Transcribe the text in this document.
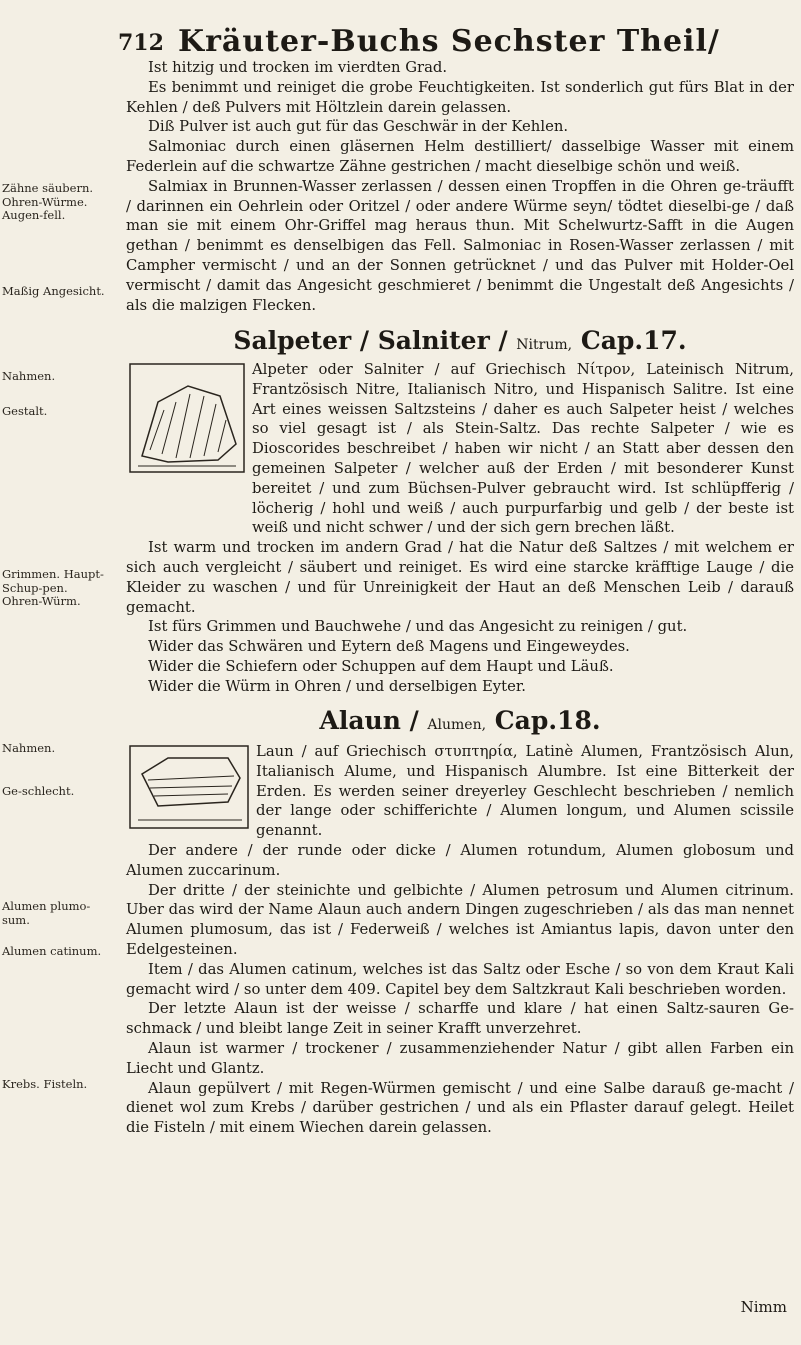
712 Kräuter-Buchs Sechster Theil/
Zähne säubern. Ohren-Würme. Augen-fell.
Maßig Angesicht.
Nahmen.
Gestalt.
Grimmen. Haupt-Schup-pen. Ohren-Würm.
Nahmen.
Ge-schlecht.
Alumen plumo-sum.
Alumen catinum.
Krebs. Fisteln.

Ist hitzig und trocken im vierdten Grad.

Es benimmt und reiniget die grobe Feuchtigkeiten. Ist sonderlich gut fürs Blat in der Kehlen / deß Pulvers mit Höltzlein darein gelassen.

Diß Pulver ist auch gut für das Geschwär in der Kehlen.

Salmoniac durch einen gläsernen Helm destilliert/ dasselbige Wasser mit einem Federlein auf die schwartze Zähne gestrichen / macht dieselbige schön und weiß.

Salmiax in Brunnen-Wasser zerlassen / dessen einen Tropffen in die Ohren ge-träufft / darinnen ein Oehrlein oder Oritzel / oder andere Würme seyn/ tödtet dieselbi-ge / daß man sie mit einem Ohr-Griffel mag heraus thun. Mit Schelwurtz-Safft in die Augen gethan / benimmt es denselbigen das Fell. Salmoniac in Rosen-Wasser zerlassen / mit Campher vermischt / und an der Sonnen getrücknet / und das Pulver mit Holder-Oel vermischt / damit das Angesicht geschmieret / benimmt die Ungestalt deß Angesichts / als die malzigen Flecken.

Salpeter / Salniter / Nitrum, Cap.17.

Alpeter oder Salniter / auf Griechisch Νίτρον, Lateinisch Nitrum, Frantzösisch Nitre, Italianisch Nitro, und Hispanisch Salitre. Ist eine Art eines weissen Saltzsteins / daher es auch Salpeter heist / welches so viel gesagt ist / als Stein-Saltz. Das rechte Salpeter / wie es Dioscorides beschreibet / haben wir nicht / an Statt aber dessen den gemeinen Salpeter / welcher auß der Erden / mit besonderer Kunst bereitet / und zum Büchsen-Pulver gebraucht wird. Ist schlüpfferig / löcherig / hohl und weiß / auch purpurfarbig und gelb / der beste ist weiß und nicht schwer / und der sich gern brechen läßt.

Ist warm und trocken im andern Grad / hat die Natur deß Saltzes / mit welchem er sich auch vergleicht / säubert und reiniget. Es wird eine starcke kräfftige Lauge / die Kleider zu waschen / und für Unreinigkeit der Haut an deß Menschen Leib / darauß gemacht.

Ist fürs Grimmen und Bauchwehe / und das Angesicht zu reinigen / gut.

Wider das Schwären und Eytern deß Magens und Eingeweydes.

Wider die Schiefern oder Schuppen auf dem Haupt und Läuß.

Wider die Würm in Ohren / und derselbigen Eyter.

Alaun / Alumen, Cap.18.

Laun / auf Griechisch στυπτηρία, Latinè Alumen, Frantzösisch Alun, Italianisch Alume, und Hispanisch Alumbre. Ist eine Bitterkeit der Erden. Es werden seiner dreyerley Geschlecht beschrieben / nemlich der lange oder schifferichte / Alumen longum, und Alumen scissile genannt.

Der andere / der runde oder dicke / Alumen rotundum, Alumen globosum und Alumen zuccarinum.

Der dritte / der steinichte und gelbichte / Alumen petrosum und Alumen citrinum. Uber das wird der Name Alaun auch andern Dingen zugeschrieben / als das man nennet Alumen plumosum, das ist / Federweiß / welches ist Amiantus lapis, davon unter den Edelgesteinen.

Item / das Alumen catinum, welches ist das Saltz oder Esche / so von dem Kraut Kali gemacht wird / so unter dem 409. Capitel bey dem Saltzkraut Kali beschrieben worden.

Der letzte Alaun ist der weisse / scharffe und klare / hat einen Saltz-sauren Ge-schmack / und bleibt lange Zeit in seiner Krafft unverzehret.

Alaun ist warmer / trockener / zusammenziehender Natur / gibt allen Farben ein Liecht und Glantz.

Alaun gepülvert / mit Regen-Würmen gemischt / und eine Salbe darauß ge-macht / dienet wol zum Krebs / darüber gestrichen / und als ein Pflaster darauf gelegt. Heilet die Fisteln / mit einem Wiechen darein gelassen.

Nimm
